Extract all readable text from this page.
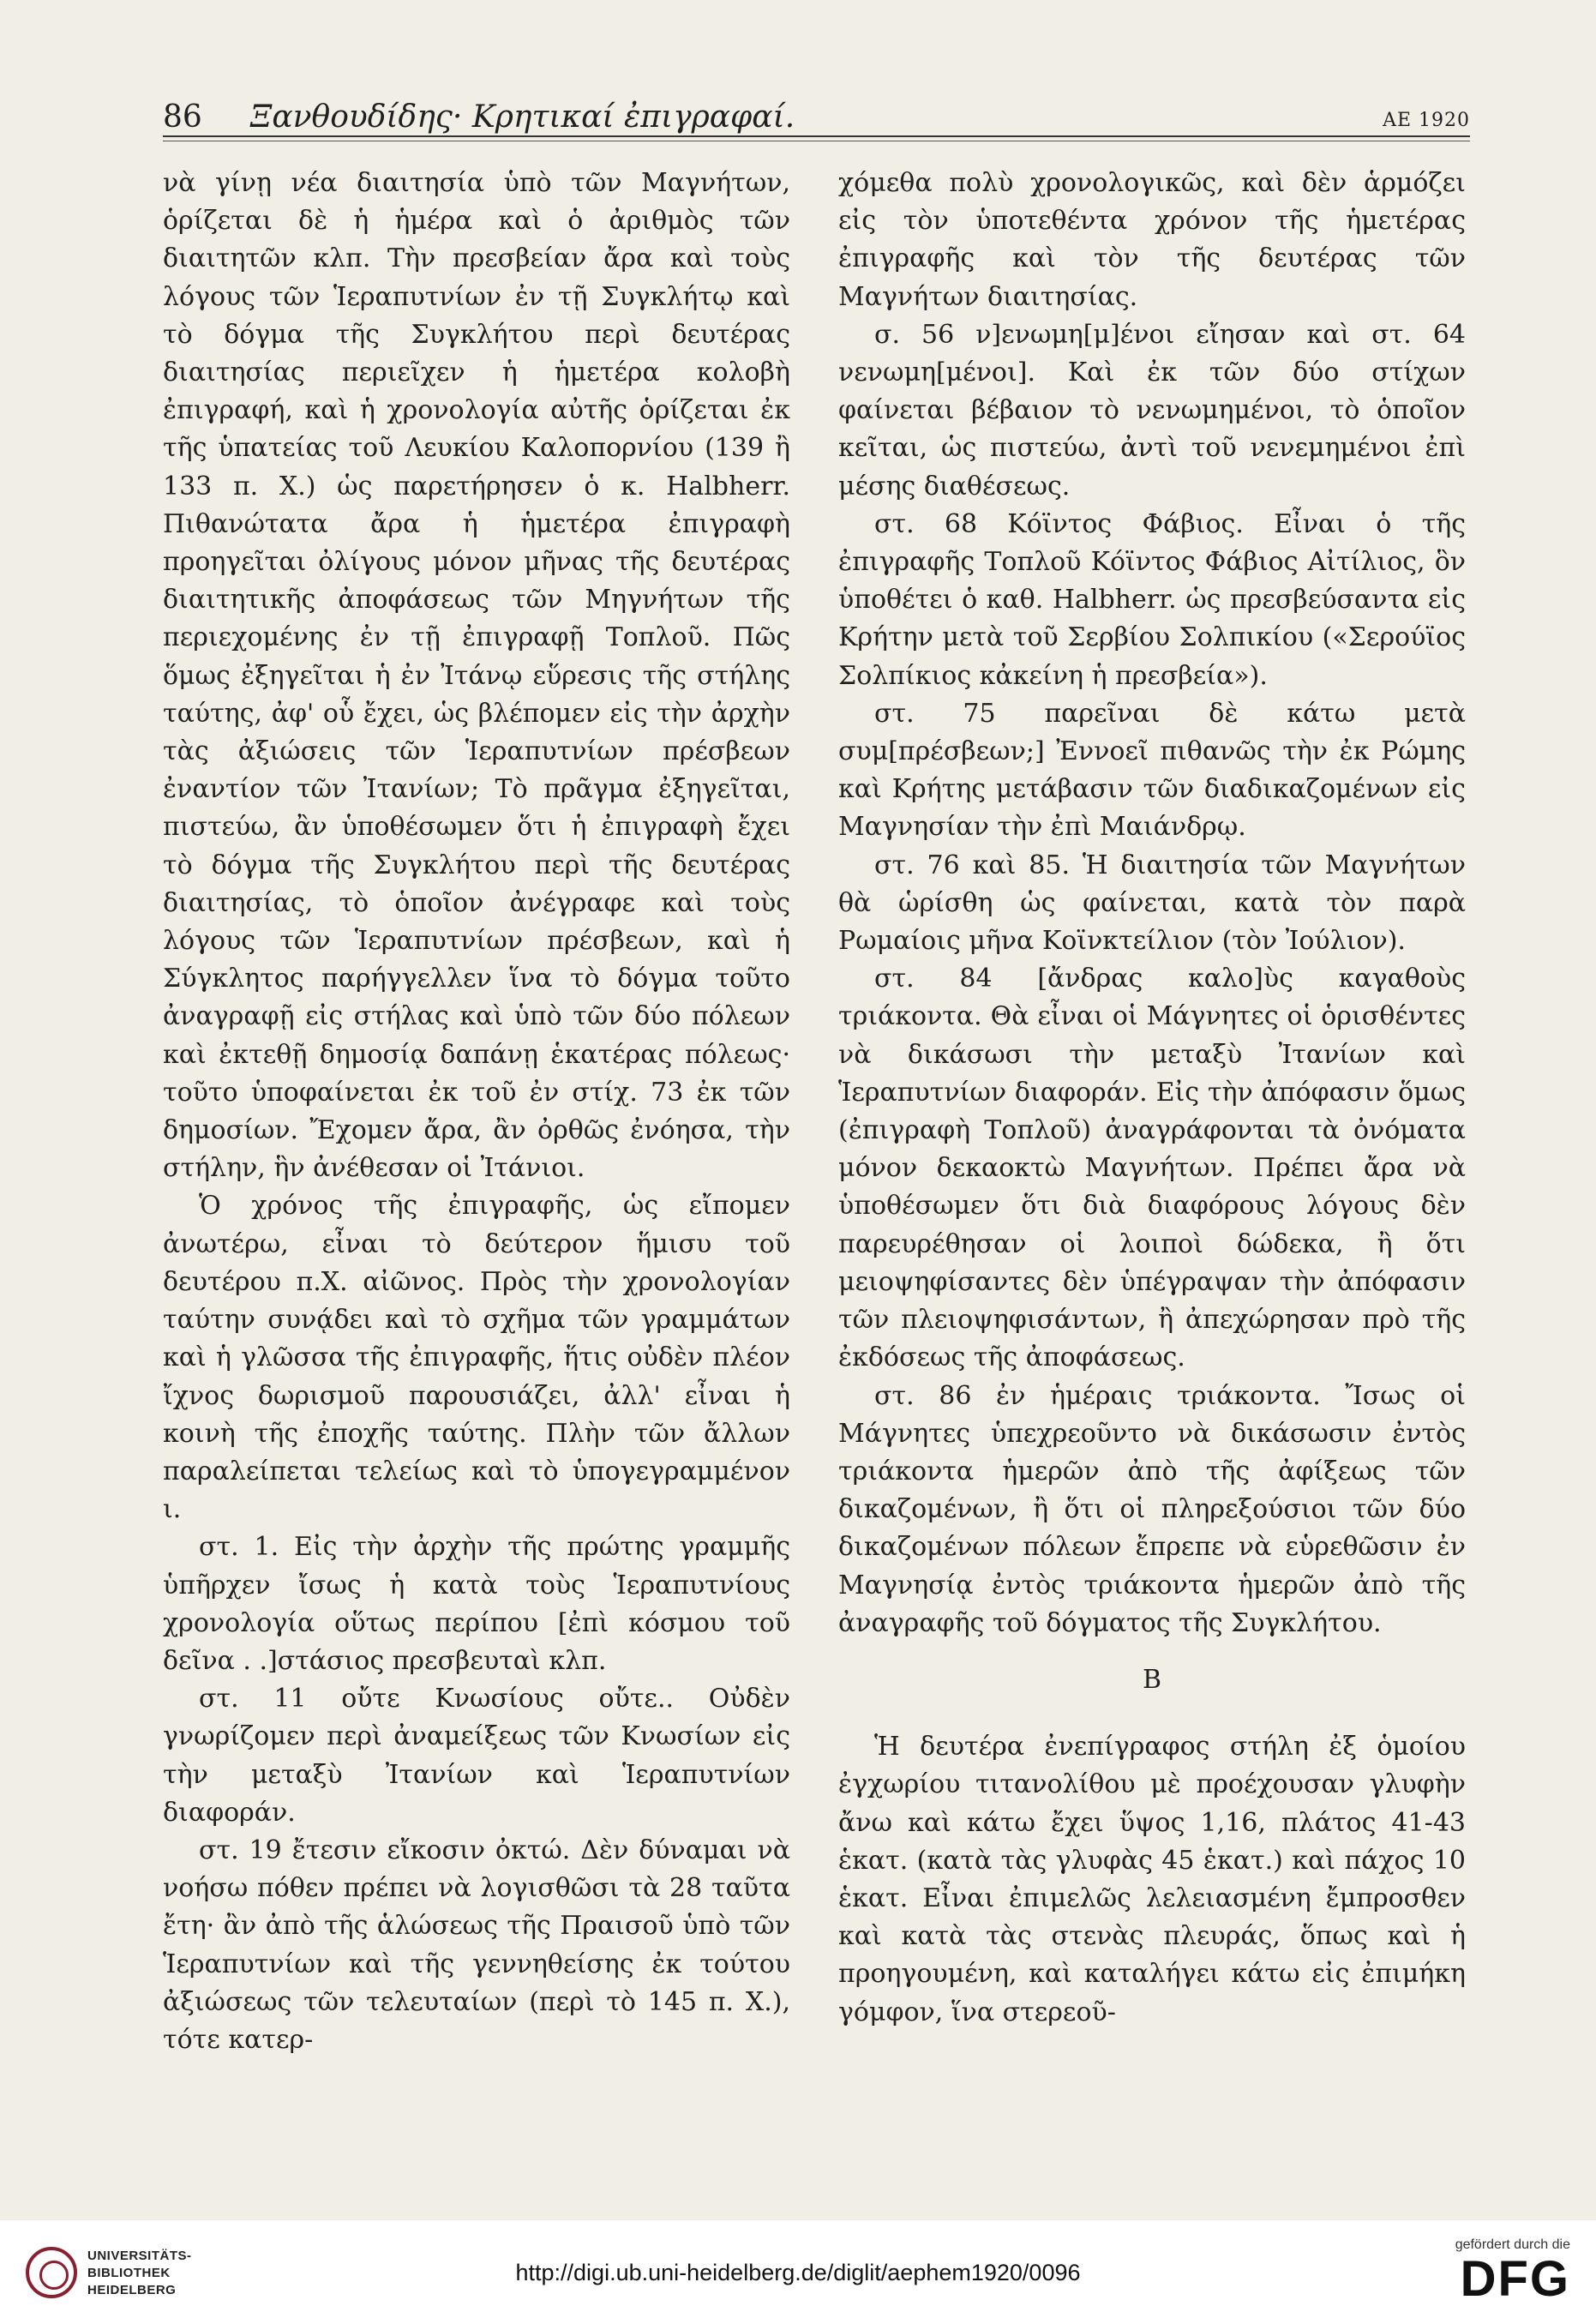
86 Ξανθουδίδης· Κρητικαί ἐπιγραφαί.	ΑΕ 1920

νὰ γίνῃ νέα διαιτησία ὑπὸ τῶν Μαγνήτων, ὁρίζεται δὲ ἡ ἡμέρα καὶ ὁ ἀριθμὸς τῶν διαιτητῶν κλπ. Τὴν πρεσβείαν ἄρα καὶ τοὺς λόγους τῶν Ἱεραπυτνίων ἐν τῇ Συγκλήτῳ καὶ τὸ δόγμα τῆς Συγκλήτου περὶ δευτέρας διαιτησίας περιεῖχεν ἡ ἡμετέρα κολοβὴ ἐπιγραφή, καὶ ἡ χρονολογία αὐτῆς ὁρίζεται ἐκ τῆς ὑπατείας τοῦ Λευκίου Καλοπορνίου (139 ἢ 133 π. Χ.) ὡς παρετήρησεν ὁ κ. Halbherr. Πιθανώτατα ἄρα ἡ ἡμετέρα ἐπιγραφὴ προηγεῖται ὀλίγους μόνον μῆνας τῆς δευτέρας διαιτητικῆς ἀποφάσεως τῶν Μηγνήτων τῆς περιεχομένης ἐν τῇ ἐπιγραφῇ Τοπλοῦ. Πῶς ὅμως ἐξηγεῖται ἡ ἐν Ἰτάνῳ εὕρεσις τῆς στήλης ταύτης, ἀφ' οὗ ἔχει, ὡς βλέπομεν εἰς τὴν ἀρχὴν τὰς ἀξιώσεις τῶν Ἱεραπυτνίων πρέσβεων ἐναντίον τῶν Ἰτανίων; Τὸ πρᾶγμα ἐξηγεῖται, πιστεύω, ἂν ὑποθέσωμεν ὅτι ἡ ἐπιγραφὴ ἔχει τὸ δόγμα τῆς Συγκλήτου περὶ τῆς δευτέρας διαιτησίας, τὸ ὁποῖον ἀνέγραφε καὶ τοὺς λόγους τῶν Ἱεραπυτνίων πρέσβεων, καὶ ἡ Σύγκλητος παρήγγελλεν ἵνα τὸ δόγμα τοῦτο ἀναγραφῇ εἰς στήλας καὶ ὑπὸ τῶν δύο πόλεων καὶ ἐκτεθῇ δημοσίᾳ δαπάνῃ ἑκατέρας πόλεως· τοῦτο ὑποφαίνεται ἐκ τοῦ ἐν στίχ. 73 ἐκ τῶν δημοσίων. Ἔχομεν ἄρα, ἂν ὀρθῶς ἐνόησα, τὴν στήλην, ἣν ἀνέθεσαν οἱ Ἰτάνιοι.

Ὁ χρόνος τῆς ἐπιγραφῆς, ὡς εἴπομεν ἀνωτέρω, εἶναι τὸ δεύτερον ἥμισυ τοῦ δευτέρου π.Χ. αἰῶνος. Πρὸς τὴν χρονολογίαν ταύτην συνᾴδει καὶ τὸ σχῆμα τῶν γραμμάτων καὶ ἡ γλῶσσα τῆς ἐπιγραφῆς, ἥτις οὐδὲν πλέον ἴχνος δωρισμοῦ παρουσιάζει, ἀλλ' εἶναι ἡ κοινὴ τῆς ἐποχῆς ταύτης. Πλὴν τῶν ἄλλων παραλείπεται τελείως καὶ τὸ ὑπογεγραμμένον ι.

στ. 1. Εἰς τὴν ἀρχὴν τῆς πρώτης γραμμῆς ὑπῆρχεν ἴσως ἡ κατὰ τοὺς Ἱεραπυτνίους χρονολογία οὕτως περίπου [ἐπὶ κόσμου τοῦ δεῖνα . .]στάσιος πρεσβευταὶ κλπ.

στ. 11 οὔτε Κνωσίους οὔτε.. Οὐδὲν γνωρίζομεν περὶ ἀναμείξεως τῶν Κνωσίων εἰς τὴν μεταξὺ Ἰτανίων καὶ Ἱεραπυτνίων διαφοράν.

στ. 19 ἔτεσιν εἴκοσιν ὀκτώ. Δὲν δύναμαι νὰ νοήσω πόθεν πρέπει νὰ λογισθῶσι τὰ 28 ταῦτα ἔτη· ἂν ἀπὸ τῆς ἁλώσεως τῆς Πραισοῦ ὑπὸ τῶν Ἱεραπυτνίων καὶ τῆς γεννηθείσης ἐκ τούτου ἀξιώσεως τῶν τελευταίων (περὶ τὸ 145 π. Χ.), τότε κατερ-

χόμεθα πολὺ χρονολογικῶς, καὶ δὲν ἁρμόζει εἰς τὸν ὑποτεθέντα χρόνον τῆς ἡμετέρας ἐπιγραφῆς καὶ τὸν τῆς δευτέρας τῶν Μαγνήτων διαιτησίας.

σ. 56 ν]ενωμη[μ]ένοι εἴησαν καὶ στ. 64 νενωμη[μένοι]. Καὶ ἐκ τῶν δύο στίχων φαίνεται βέβαιον τὸ νενωμημένοι, τὸ ὁποῖον κεῖται, ὡς πιστεύω, ἀντὶ τοῦ νενεμημένοι ἐπὶ μέσης διαθέσεως.

στ. 68 Κόϊντος Φάβιος. Εἶναι ὁ τῆς ἐπιγραφῆς Τοπλοῦ Κόϊντος Φάβιος Αἰτίλιος, ὃν ὑποθέτει ὁ καθ. Halbherr. ὡς πρεσβεύσαντα εἰς Κρήτην μετὰ τοῦ Σερβίου Σολπικίου («Σερούϊος Σολπίκιος κἀκείνη ἡ πρεσβεία»).

στ. 75 παρεῖναι δὲ κάτω μετὰ συμ[πρέσβεων;] Ἐννοεῖ πιθανῶς τὴν ἐκ Ρώμης καὶ Κρήτης μετάβασιν τῶν διαδικαζομένων εἰς Μαγνησίαν τὴν ἐπὶ Μαιάνδρῳ.

στ. 76 καὶ 85. Ἡ διαιτησία τῶν Μαγνήτων θὰ ὡρίσθη ὡς φαίνεται, κατὰ τὸν παρὰ Ρωμαίοις μῆνα Κοϊνκτείλιον (τὸν Ἰούλιον).

στ. 84 [ἄνδρας καλο]ὺς καγαθοὺς τριάκοντα. Θὰ εἶναι οἱ Μάγνητες οἱ ὁρισθέντες νὰ δικάσωσι τὴν μεταξὺ Ἰτανίων καὶ Ἱεραπυτνίων διαφοράν. Εἰς τὴν ἀπόφασιν ὅμως (ἐπιγραφὴ Τοπλοῦ) ἀναγράφονται τὰ ὀνόματα μόνον δεκαοκτὼ Μαγνήτων. Πρέπει ἄρα νὰ ὑποθέσωμεν ὅτι διὰ διαφόρους λόγους δὲν παρευρέθησαν οἱ λοιποὶ δώδεκα, ἢ ὅτι μειοψηφίσαντες δὲν ὑπέγραψαν τὴν ἀπόφασιν τῶν πλειοψηφισάντων, ἢ ἀπεχώρησαν πρὸ τῆς ἐκδόσεως τῆς ἀποφάσεως.

στ. 86 ἐν ἡμέραις τριάκοντα. Ἴσως οἱ Μάγνητες ὑπεχρεοῦντο νὰ δικάσωσιν ἐντὸς τριάκοντα ἡμερῶν ἀπὸ τῆς ἀφίξεως τῶν δικαζομένων, ἢ ὅτι οἱ πληρεξούσιοι τῶν δύο δικαζομένων πόλεων ἔπρεπε νὰ εὑρεθῶσιν ἐν Μαγνησίᾳ ἐντὸς τριάκοντα ἡμερῶν ἀπὸ τῆς ἀναγραφῆς τοῦ δόγματος τῆς Συγκλήτου.

B

Ἡ δευτέρα ἐνεπίγραφος στήλη ἐξ ὁμοίου ἐγχωρίου τιτανολίθου μὲ προέχουσαν γλυφὴν ἄνω καὶ κάτω ἔχει ὕψος 1,16, πλάτος 41-43 ἑκατ. (κατὰ τὰς γλυφὰς 45 ἑκατ.) καὶ πάχος 10 ἑκατ. Εἶναι ἐπιμελῶς λελειασμένη ἔμπροσθεν καὶ κατὰ τὰς στενὰς πλευράς, ὅπως καὶ ἡ προηγουμένη, καὶ καταλήγει κάτω εἰς ἐπιμήκη γόμφον, ἵνα στερεοῦ-

UNIVERSITÄTS-
BIBLIOTHEK
HEIDELBERG
http://digi.ub.uni-heidelberg.de/diglit/aephem1920/0096
gefördert durch die
DFG
